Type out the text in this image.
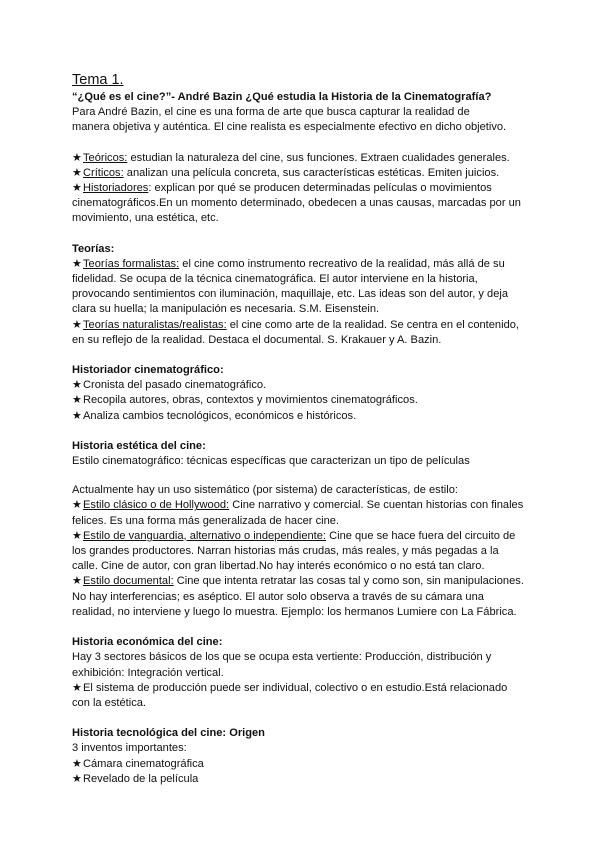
Tema 1.

“¿Qué es el cine?”- André Bazin ¿Qué estudia la Historia de la Cinematografía?

Para André Bazin, el cine es una forma de arte que busca capturar la realidad de

manera objetiva y auténtica. El cine realista es especialmente efectivo en dicho objetivo.

★Teóricos: estudian la naturaleza del cine, sus funciones. Extraen cualidades generales.

★Críticos: analizan una película concreta, sus características estéticas. Emiten juicios.

★Historiadores: explican por qué se producen determinadas películas o movimientos

cinematográficos.En un momento determinado, obedecen a unas causas, marcadas por un

movimiento, una estética, etc.

Teorías:

★Teorías formalistas: el cine como instrumento recreativo de la realidad, más allá de su

fidelidad. Se ocupa de la técnica cinematográfica. El autor interviene en la historia,

provocando sentimientos con iluminación, maquillaje, etc. Las ideas son del autor, y deja

clara su huella; la manipulación es necesaria. S.M. Eisenstein.

★Teorías naturalistas/realistas: el cine como arte de la realidad. Se centra en el contenido,

en su reflejo de la realidad. Destaca el documental. S. Krakauer y A. Bazin.

Historiador cinematográfico:

★Cronista del pasado cinematográfico.

★Recopila autores, obras, contextos y movimientos cinematográficos.

★Analiza cambios tecnológicos, económicos e históricos.

Historia estética del cine:

Estilo cinematográfico: técnicas específicas que caracterizan un tipo de películas

Actualmente hay un uso sistemático (por sistema) de características, de estilo:

★Estilo clásico o de Hollywood: Cine narrativo y comercial. Se cuentan historias con finales

felices. Es una forma más generalizada de hacer cine.

★Estilo de vanguardia, alternativo o independiente: Cine que se hace fuera del circuito de

los grandes productores. Narran historias más crudas, más reales, y más pegadas a la

calle. Cine de autor, con gran libertad.No hay interés económico o no está tan claro.

★Estilo documental: Cine que intenta retratar las cosas tal y como son, sin manipulaciones.

No hay interferencias; es aséptico. El autor solo observa a través de su cámara una

realidad, no interviene y luego lo muestra. Ejemplo: los hermanos Lumiere con La Fábrica.

Historia económica del cine:

Hay 3 sectores básicos de los que se ocupa esta vertiente: Producción, distribución y

exhibición: Integración vertical.

★El sistema de producción puede ser individual, colectivo o en estudio.Está relacionado

con la estética.

Historia tecnológica del cine: Origen

3 inventos importantes:

★Cámara cinematográfica

★Revelado de la película
